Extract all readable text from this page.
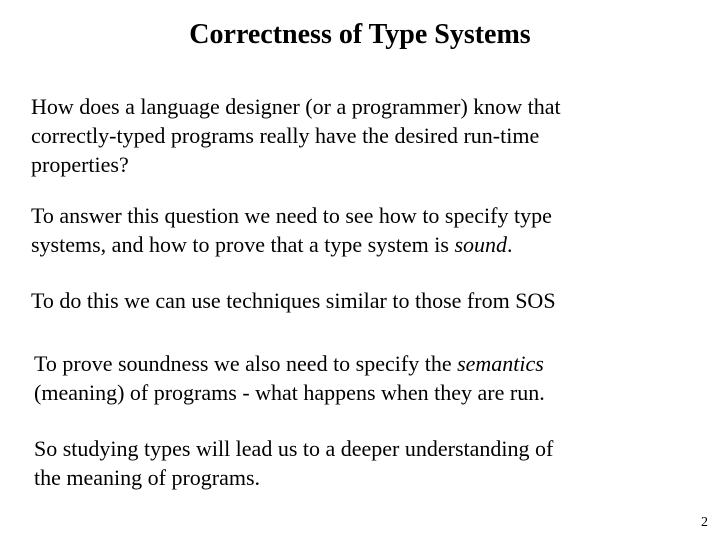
Correctness of Type Systems
How does a language designer (or a programmer) know that
correctly-typed programs really have the desired run-time
properties?
To answer this question we need to see how to specify type
systems, and how to prove that a type system is sound.
To do this we can use techniques similar to those from SOS
To prove soundness we also need to specify the semantics
(meaning) of programs - what happens when they are run.
So studying types will lead us to a deeper understanding of
the meaning of programs.
2
